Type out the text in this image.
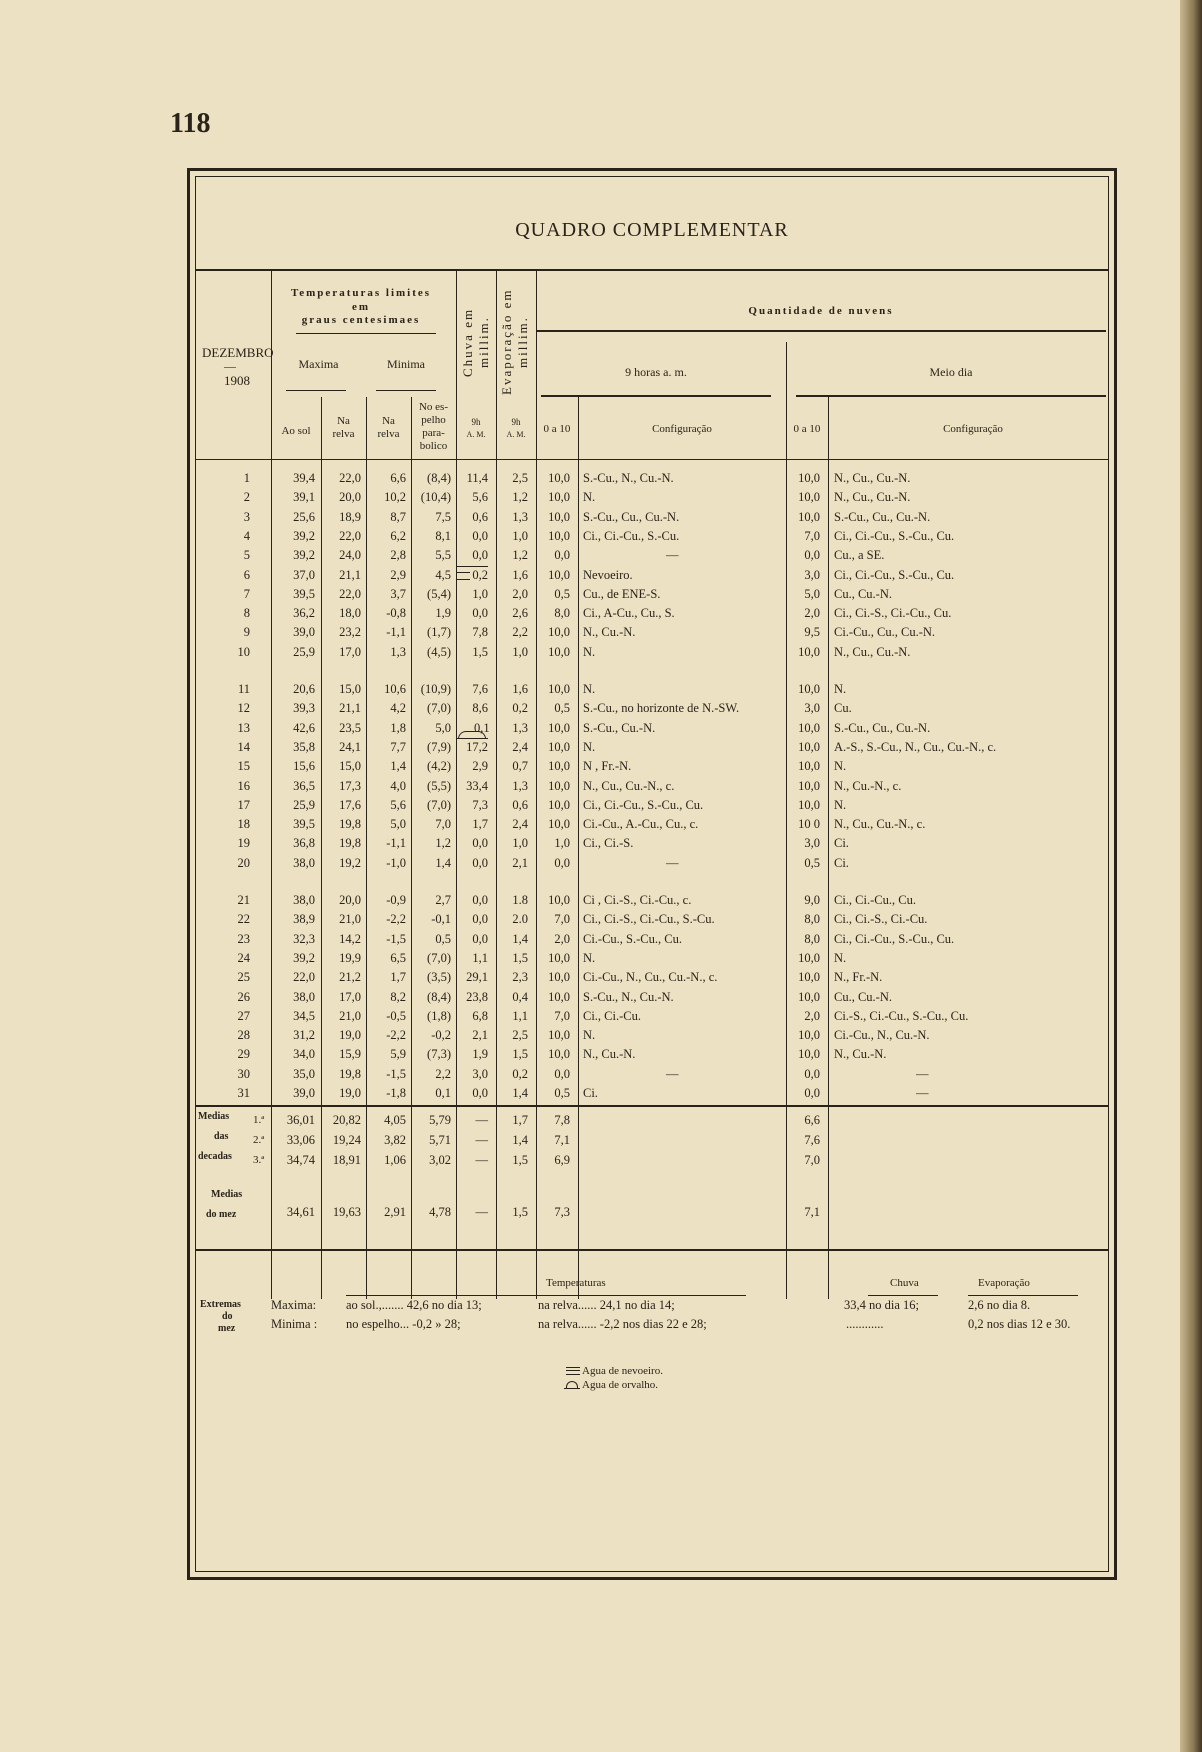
118
QUADRO COMPLEMENTAR
DEZEMBRO
—
1908
Temperaturas limites
em
graus centesimaes
Maxima	Minima	Chuva em millim. Evaporação em millim.
Quantidade de nuvens
9 horas a. m.	Meio dia
Ao sol
Na
relva
Na
relva
No es-
pelho
para-
bolico
9h
A. M.
9h
A. M.	0 a 10	Configuração	0 a 10	Configuração
1	39,4	22,0	6,6	(8,4)	11,4	2,5	10,0 S.-Cu., N., Cu.-N.	10,0 N., Cu., Cu.-N.
2	39,1	20,0	10,2	(10,4)	5,6	1,2	10,0 N.	10,0 N., Cu., Cu.-N.
3	25,6	18,9	8,7	7,5	0,6	1,3	10,0 S.-Cu., Cu., Cu.-N.	10,0 S.-Cu., Cu., Cu.-N.
4	39,2	22,0	6,2	8,1	0,0	1,0	10,0 Ci., Ci.-Cu., S.-Cu.	7,0 Ci., Ci.-Cu., S.-Cu., Cu.
5	39,2	24,0	2,8	5,5	0,0	1,2	0,0	—	0,0 Cu., a SE.
6	37,0	21,1	2,9	4,5	0,2	1,6	10,0 Nevoeiro.	3,0 Ci., Ci.-Cu., S.-Cu., Cu.
7	39,5	22,0	3,7	(5,4)	1,0	2,0	0,5 Cu., de ENE-S.	5,0 Cu., Cu.-N.
8	36,2	18,0	-0,8	1,9	0,0	2,6	8,0 Ci., A-Cu., Cu., S.	2,0 Ci., Ci.-S., Ci.-Cu., Cu.
9	39,0	23,2	-1,1	(1,7)	7,8	2,2	10,0 N., Cu.-N.	9,5 Ci.-Cu., Cu., Cu.-N.
10	25,9	17,0	1,3	(4,5)	1,5	1,0	10,0 N.	10,0 N., Cu., Cu.-N.
11	20,6	15,0	10,6	(10,9)	7,6	1,6	10,0 N.	10,0 N.
12	39,3	21,1	4,2	(7,0)	8,6	0,2	0,5 S.-Cu., no horizonte de N.-SW.	3,0 Cu.
13	42,6	23,5	1,8	5,0	0,1	1,3	10,0 S.-Cu., Cu.-N.	10,0 S.-Cu., Cu., Cu.-N.
14	35,8	24,1	7,7	(7,9)	17,2	2,4	10,0 N.	10,0 A.-S., S.-Cu., N., Cu., Cu.-N., c.
15	15,6	15,0	1,4	(4,2)	2,9	0,7	10,0 N , Fr.-N.	10,0 N.
16	36,5	17,3	4,0	(5,5)	33,4	1,3	10,0 N., Cu., Cu.-N., c.	10,0 N., Cu.-N., c.
17	25,9	17,6	5,6	(7,0)	7,3	0,6	10,0 Ci., Ci.-Cu., S.-Cu., Cu.	10,0 N.
18	39,5	19,8	5,0	7,0	1,7	2,4	10,0 Ci.-Cu., A.-Cu., Cu., c.	10 0 N., Cu., Cu.-N., c.
19	36,8	19,8	-1,1	1,2	0,0	1,0	1,0 Ci., Ci.-S.	3,0 Ci.
20	38,0	19,2	-1,0	1,4	0,0	2,1	0,0	—	0,5 Ci.
21	38,0	20,0	-0,9	2,7	0,0	1.8	10,0 Ci , Ci.-S., Ci.-Cu., c.	9,0 Ci., Ci.-Cu., Cu.
22	38,9	21,0	-2,2	-0,1	0,0	2.0	7,0 Ci., Ci.-S., Ci.-Cu., S.-Cu.	8,0 Ci., Ci.-S., Ci.-Cu.
23	32,3	14,2	-1,5	0,5	0,0	1,4	2,0 Ci.-Cu., S.-Cu., Cu.	8,0 Ci., Ci.-Cu., S.-Cu., Cu.
24	39,2	19,9	6,5	(7,0)	1,1	1,5	10,0 N.	10,0 N.
25	22,0	21,2	1,7	(3,5)	29,1	2,3	10,0 Ci.-Cu., N., Cu., Cu.-N., c.	10,0 N., Fr.-N.
26	38,0	17,0	8,2	(8,4)	23,8	0,4	10,0 S.-Cu., N., Cu.-N.	10,0 Cu., Cu.-N.
27	34,5	21,0	-0,5	(1,8)	6,8	1,1	7,0 Ci., Ci.-Cu.	2,0 Ci.-S., Ci.-Cu., S.-Cu., Cu.
28	31,2	19,0	-2,2	-0,2	2,1	2,5	10,0 N.	10,0 Ci.-Cu., N., Cu.-N.
29	34,0	15,9	5,9	(7,3)	1,9	1,5	10,0 N., Cu.-N.	10,0 N., Cu.-N.
30	35,0	19,8	-1,5	2,2	3,0	0,2	0,0	—	0,0	—
31	39,0	19,0	-1,8	0,1	0,0	1,4	0,5 Ci.	0,0	—
Medias
das
decadas
1.ª	36,01	20,82	4,05	5,79	—	1,7	7,8	6,6
2.ª	33,06	19,24	3,82	5,71	—	1,4	7,1	7,6
3.ª	34,74	18,91	1,06	3,02	—	1,5	6,9	7,0
Medias
do mez	34,61	19,63	2,91	4,78	—	1,5	7,3	7,1
Temperaturas	Chuva	Evaporação
Extremas
do
mez
Maxima:
Minima :
ao sol.,....... 42,6 no dia 13;	na relva...... 24,1 no dia 14;
no espelho... -0,2 » 28;	na relva...... -2,2 nos dias 22 e 28;
33,4 no dia 16;
............
2,6 no dia 8.
0,2 nos dias 12 e 30.
Agua de nevoeiro.
Agua de orvalho.
